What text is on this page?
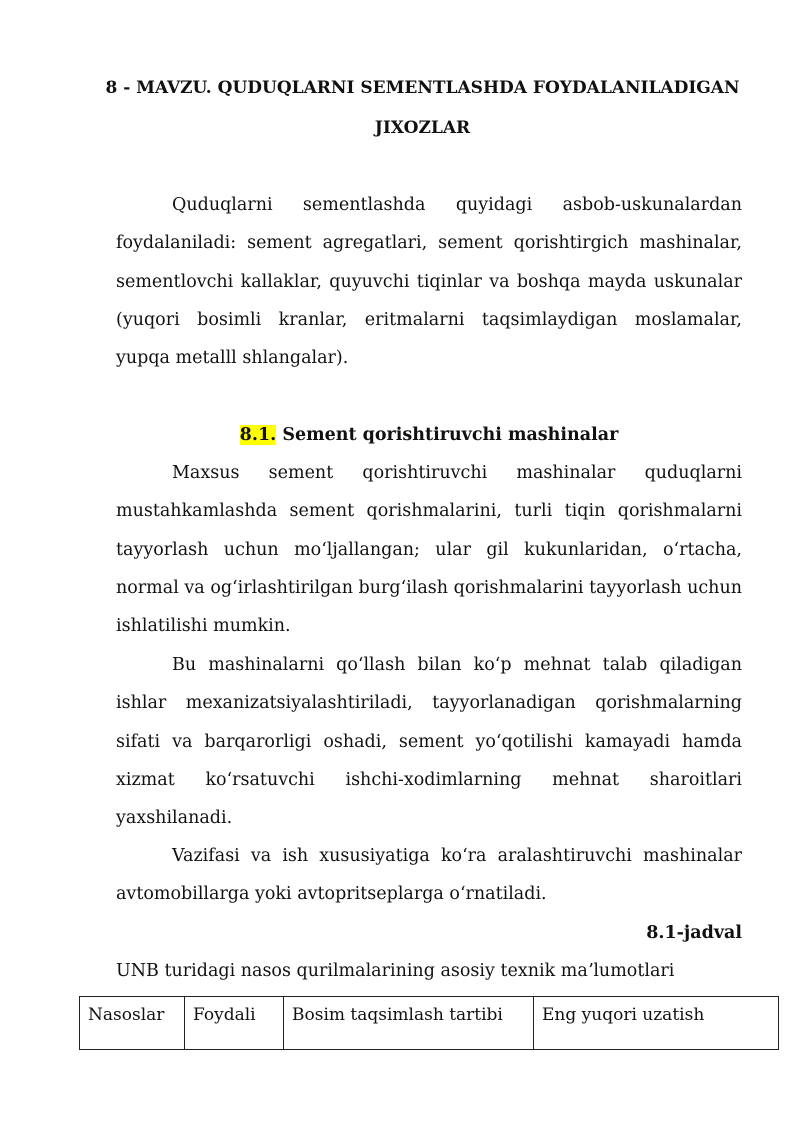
8 - MAVZU. QUDUQLARNI SEMENTLASHDA FOYDALANILADIGAN
JIXOZLAR

Quduqlarni sementlashda quyidagi asbob-uskunalardan foydalaniladi: sement agregatlari, sement qorishtirgich mashinalar, sementlovchi kallaklar, quyuvchi tiqinlar va boshqa mayda uskunalar (yuqori bosimli kranlar, eritmalarni taqsimlaydigan moslamalar, yupqa metalll shlangalar).

8.1. Sement qorishtiruvchi mashinalar

Maxsus sement qorishtiruvchi mashinalar quduqlarni mustahkamlashda sement qorishmalarini, turli tiqin qorishmalarni tayyorlash uchun moʻljallangan; ular gil kukunlaridan, oʻrtacha, normal va ogʻirlashtirilgan burgʻilash qorishmalarini tayyorlash uchun ishlatilishi mumkin.

Bu mashinalarni qoʻllash bilan koʻp mehnat talab qiladigan ishlar mexanizatsiyalashtiriladi, tayyorlanadigan qorishmalarning sifati va barqarorligi oshadi, sement yoʻqotilishi kamayadi hamda xizmat koʻrsatuvchi ishchi-xodimlarning mehnat sharoitlari yaxshilanadi.

Vazifasi va ish xususiyatiga koʻra aralashtiruvchi mashinalar avtomobillarga yoki avtopritseplarga oʻrnatiladi.

8.1-jadval
UNB turidagi nasos qurilmalarining asosiy texnik maʼlumotlari
Nasoslar	Foydali	Bosim taqsimlash tartibi	Eng yuqori uzatish
